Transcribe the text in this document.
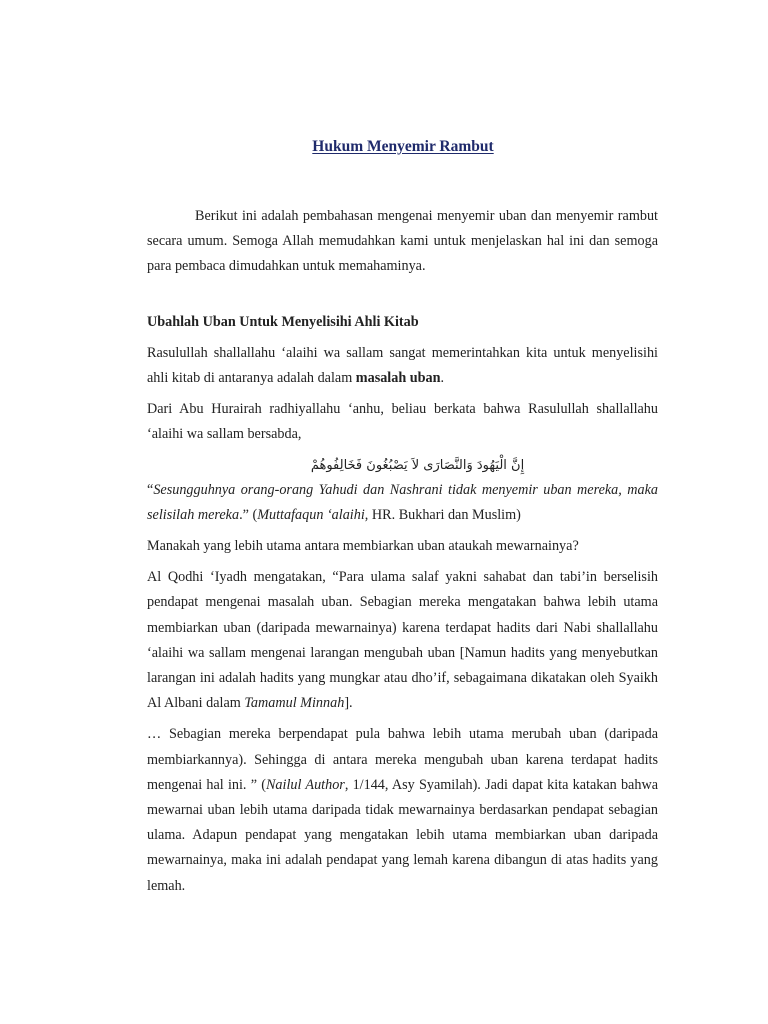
Hukum Menyemir Rambut

Berikut ini adalah pembahasan mengenai menyemir uban dan menyemir rambut secara umum. Semoga Allah memudahkan kami untuk menjelaskan hal ini dan semoga para pembaca dimudahkan untuk memahaminya.

Ubahlah Uban Untuk Menyelisihi Ahli Kitab

Rasulullah shallallahu ‘alaihi wa sallam sangat memerintahkan kita untuk menyelisihi ahli kitab di antaranya adalah dalam masalah uban.

Dari Abu Hurairah radhiyallahu ‘anhu, beliau berkata bahwa Rasulullah shallallahu ‘alaihi wa sallam bersabda,

إِنَّ الْيَهُودَ وَالنَّصَارَى لاَ يَصْبُغُونَ فَخَالِفُوهُمْ

“Sesungguhnya orang-orang Yahudi dan Nashrani tidak menyemir uban mereka, maka selisilah mereka.” (Muttafaqun ‘alaihi, HR. Bukhari dan Muslim)

Manakah yang lebih utama antara membiarkan uban ataukah mewarnainya?

Al Qodhi ‘Iyadh mengatakan, “Para ulama salaf yakni sahabat dan tabi’in berselisih pendapat mengenai masalah uban. Sebagian mereka mengatakan bahwa lebih utama membiarkan uban (daripada mewarnainya) karena terdapat hadits dari Nabi shallallahu ‘alaihi wa sallam mengenai larangan mengubah uban [Namun hadits yang menyebutkan larangan ini adalah hadits yang mungkar atau dho’if, sebagaimana dikatakan oleh Syaikh Al Albani dalam Tamamul Minnah].

… Sebagian mereka berpendapat pula bahwa lebih utama merubah uban (daripada membiarkannya). Sehingga di antara mereka mengubah uban karena terdapat hadits mengenai hal ini. ” (Nailul Author, 1/144, Asy Syamilah). Jadi dapat kita katakan bahwa mewarnai uban lebih utama daripada tidak mewarnainya berdasarkan pendapat sebagian ulama. Adapun pendapat yang mengatakan lebih utama membiarkan uban daripada mewarnainya, maka ini adalah pendapat yang lemah karena dibangun di atas hadits yang lemah.
